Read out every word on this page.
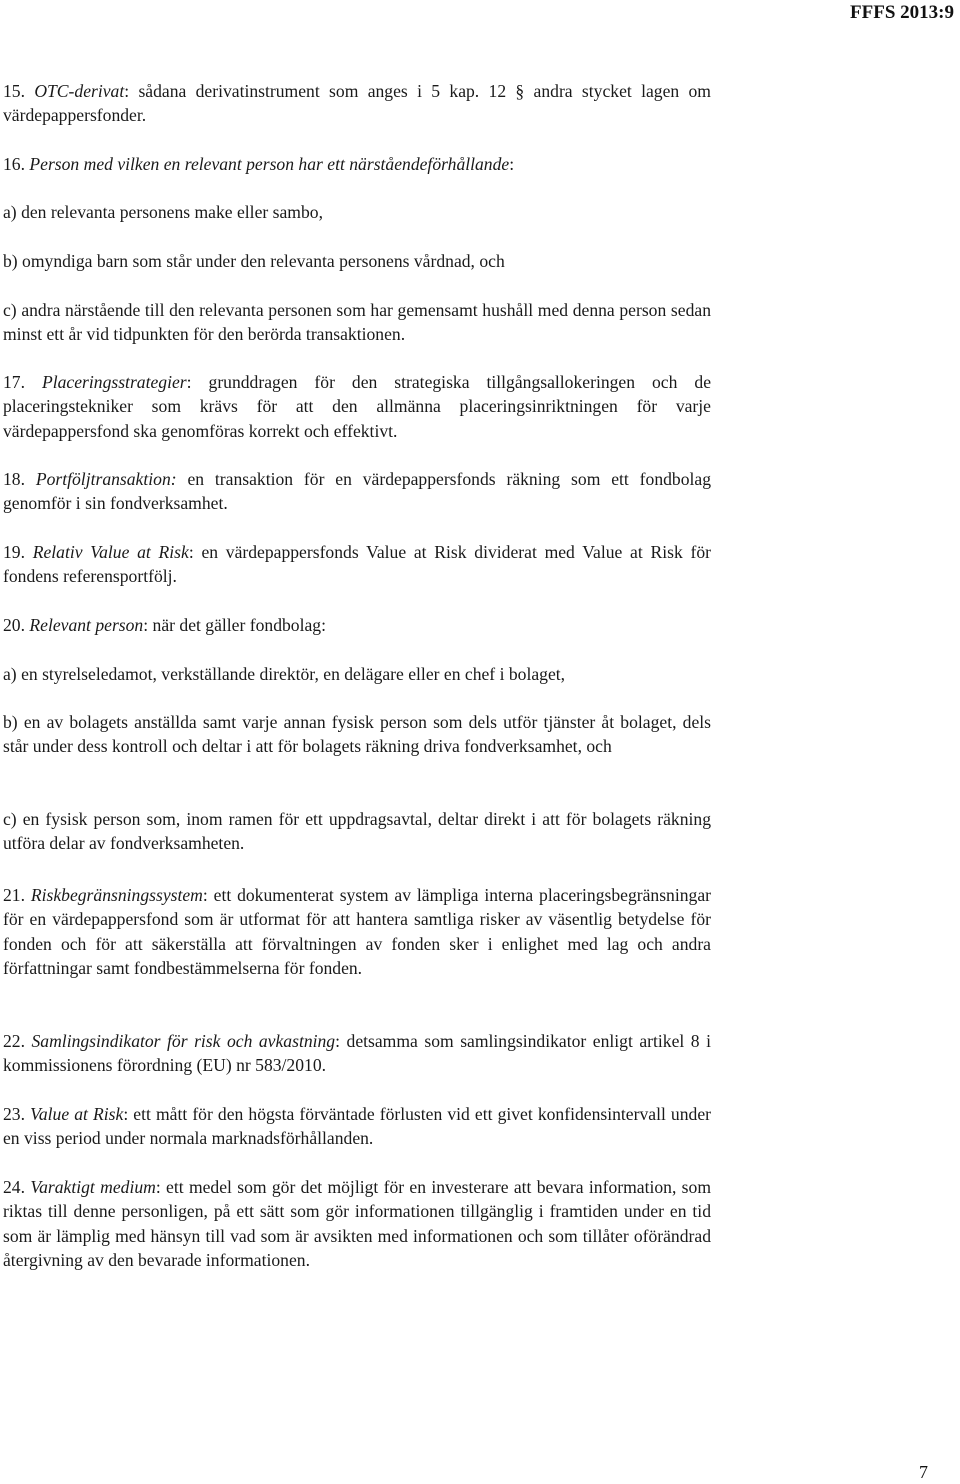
FFFS 2013:9

15. OTC-derivat: sådana derivatinstrument som anges i 5 kap. 12 § andra stycket lagen om värdepappersfonder.

16. Person med vilken en relevant person har ett närståendeförhållande:

a) den relevanta personens make eller sambo,

b) omyndiga barn som står under den relevanta personens vårdnad, och

c) andra närstående till den relevanta personen som har gemensamt hushåll med denna person sedan minst ett år vid tidpunkten för den berörda transaktionen.

17. Placeringsstrategier: grunddragen för den strategiska tillgångsallokeringen och de placeringstekniker som krävs för att den allmänna placeringsinriktningen för varje värdepappersfond ska genomföras korrekt och effektivt.

18. Portföljtransaktion: en transaktion för en värdepappersfonds räkning som ett fondbolag genomför i sin fondverksamhet.

19. Relativ Value at Risk: en värdepappersfonds Value at Risk dividerat med Value at Risk för fondens referensportfölj.

20. Relevant person: när det gäller fondbolag:

a) en styrelseledamot, verkställande direktör, en delägare eller en chef i bolaget,

b) en av bolagets anställda samt varje annan fysisk person som dels utför tjänster åt bolaget, dels står under dess kontroll och deltar i att för bolagets räkning driva fondverksamhet, och

c) en fysisk person som, inom ramen för ett uppdragsavtal, deltar direkt i att för bolagets räkning utföra delar av fondverksamheten.

21. Riskbegränsningssystem: ett dokumenterat system av lämpliga interna placeringsbegränsningar för en värdepappersfond som är utformat för att hantera samtliga risker av väsentlig betydelse för fonden och för att säkerställa att förvaltningen av fonden sker i enlighet med lag och andra författningar samt fondbestämmelserna för fonden.

22. Samlingsindikator för risk och avkastning: detsamma som samlingsindikator enligt artikel 8 i kommissionens förordning (EU) nr 583/2010.

23. Value at Risk: ett mått för den högsta förväntade förlusten vid ett givet konfidensintervall under en viss period under normala marknadsförhållanden.

24. Varaktigt medium: ett medel som gör det möjligt för en investerare att bevara information, som riktas till denne personligen, på ett sätt som gör informationen tillgänglig i framtiden under en tid som är lämplig med hänsyn till vad som är avsikten med informationen och som tillåter oförändrad återgivning av den bevarade informationen.

7
